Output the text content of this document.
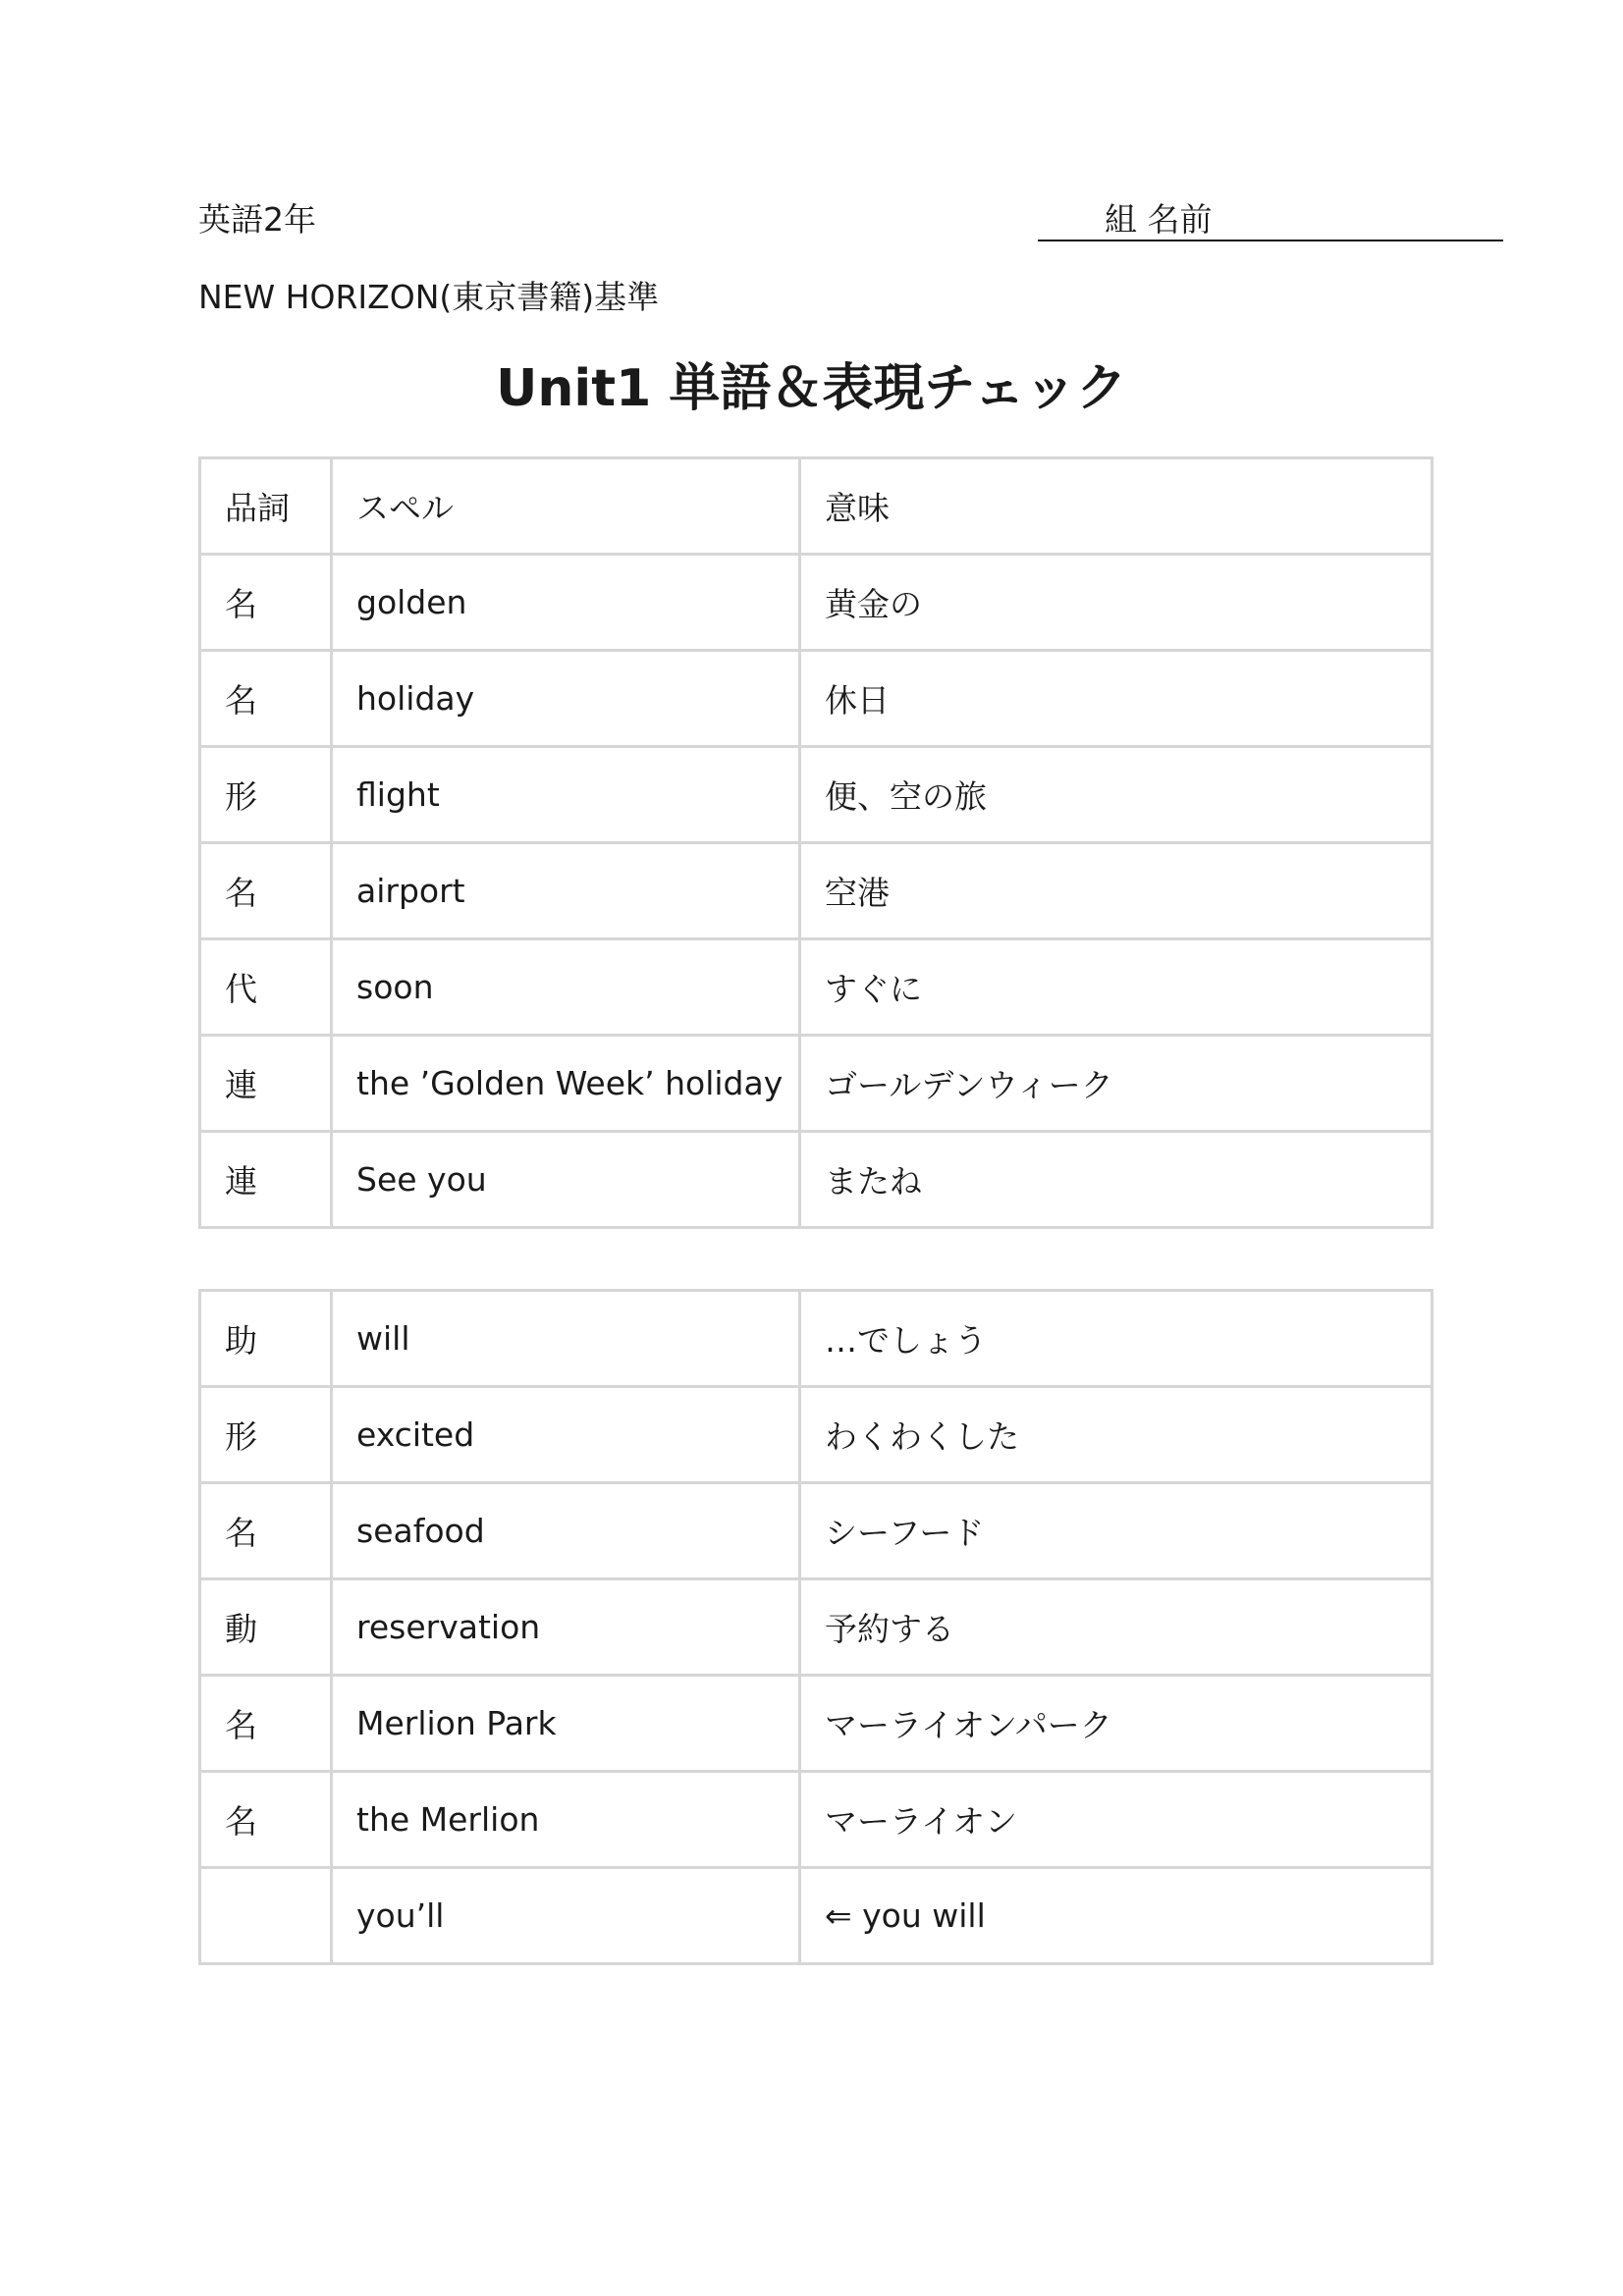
英語2年	組 名前
NEW HORIZON(東京書籍)基準
Unit1 単語＆表現チェック
品詞	スペル	意味
名	golden	黄金の
名	holiday	休日
形	flight	便、空の旅
名	airport	空港
代	soon	すぐに
連	the ’Golden Week’ holiday	ゴールデンウィーク
連	See you	またね
助	will	…でしょう
形	excited	わくわくした
名	seafood	シーフード
動	reservation	予約する
名	Merlion Park	マーライオンパーク
名	the Merlion	マーライオン
	you’ll	⇐ you will
